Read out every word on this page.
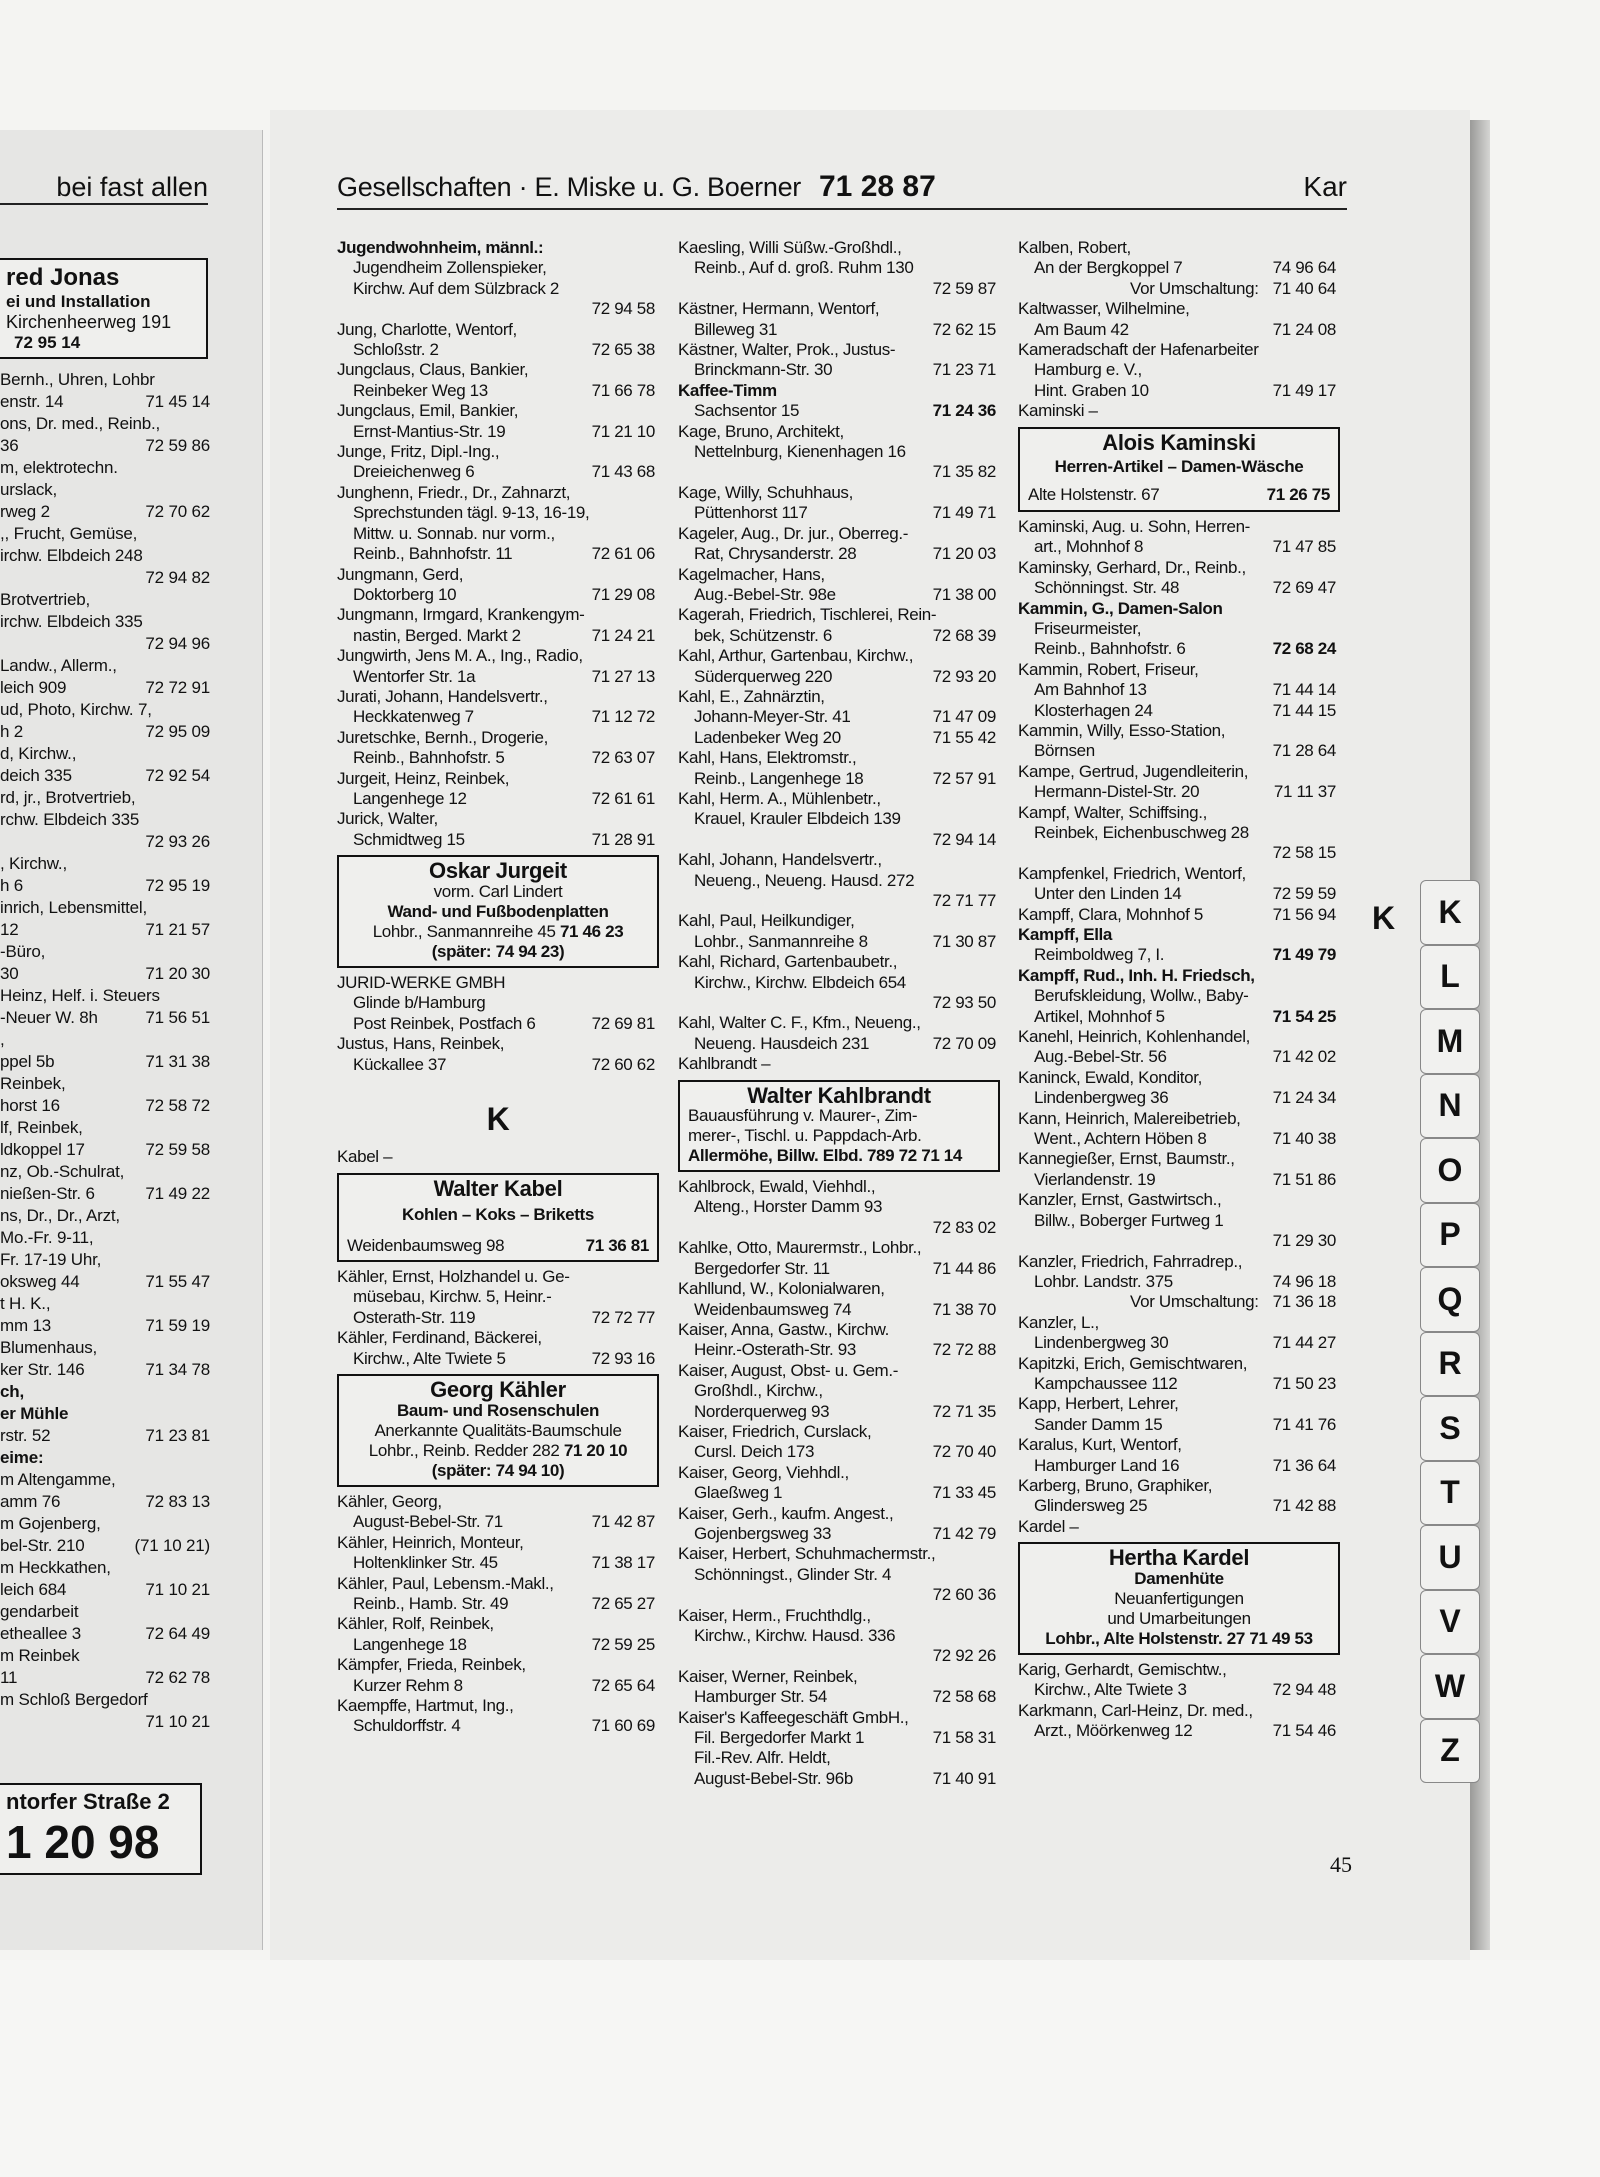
red Jonas
ei und Installation
Kirchenheerweg 191
72 95 14
Bernh., Uhren, Lohbr
enstr. 14	71 45 14
ons, Dr. med., Reinb.,
36	72 59 86
m, elektrotechn.
urslack,
rweg 2	72 70 62
,, Frucht, Gemüse,
irchw. Elbdeich 248
72 94 82
Brotvertrieb,
irchw. Elbdeich 335
72 94 96
Landw., Allerm.,
leich 909	72 72 91
ud, Photo, Kirchw. 7,
h 2	72 95 09
d, Kirchw.,
deich 335	72 92 54
rd, jr., Brotvertrieb,
rchw. Elbdeich 335
72 93 26
, Kirchw.,
h 6	72 95 19
inrich, Lebensmittel,
12	71 21 57
-Büro,
30	71 20 30
Heinz, Helf. i. Steuers
-Neuer W. 8h	71 56 51
,
ppel 5b	71 31 38
Reinbek,
horst 16	72 58 72
lf, Reinbek,
ldkoppel 17	72 59 58
nz, Ob.-Schulrat,
nießen-Str. 6	71 49 22
ns, Dr., Dr., Arzt,
Mo.-Fr. 9-11,
Fr. 17-19 Uhr,
oksweg 44	71 55 47
t H. K.,
mm 13	71 59 19
Blumenhaus,
ker Str. 146	71 34 78
ch,
er Mühle
rstr. 52	71 23 81
eime:
m Altengamme,
amm 76	72 83 13
m Gojenberg,
bel-Str. 210	(71 10 21)
m Heckkathen,
leich 684	71 10 21
gendarbeit
etheallee 3	72 64 49
m Reinbek
11	72 62 78
m Schloß Bergedorf
71 10 21
ntorfer Straße 2
1 20 98
bei fast allen	Gesellschaften · E. Miske u. G. Boerner 71 28 87	Kar
Jugendwohnheim, männl.:
Jugendheim Zollenspieker,
Kirchw. Auf dem Sülzbrack 2
72 94 58
Jung, Charlotte, Wentorf,
Schloßstr. 2	72 65 38
Jungclaus, Claus, Bankier,
Reinbeker Weg 13	71 66 78
Jungclaus, Emil, Bankier,
Ernst-Mantius-Str. 19	71 21 10
Junge, Fritz, Dipl.-Ing.,
Dreieichenweg 6	71 43 68
Junghenn, Friedr., Dr., Zahnarzt,
Sprechstunden tägl. 9-13, 16-19,
Mittw. u. Sonnab. nur vorm.,
Reinb., Bahnhofstr. 11	72 61 06
Jungmann, Gerd,
Doktorberg 10	71 29 08
Jungmann, Irmgard, Krankengym-
nastin, Berged. Markt 2	71 24 21
Jungwirth, Jens M. A., Ing., Radio,
Wentorfer Str. 1a	71 27 13
Jurati, Johann, Handelsvertr.,
Heckkatenweg 7	71 12 72
Juretschke, Bernh., Drogerie,
Reinb., Bahnhofstr. 5	72 63 07
Jurgeit, Heinz, Reinbek,
Langenhege 12	72 61 61
Jurick, Walter,
Schmidtweg 15	71 28 91
Oskar Jurgeit
vorm. Carl Lindert
Wand- und Fußbodenplatten
Lohbr., Sanmannreihe 45 71 46 23
(später: 74 94 23)
JURID-WERKE GMBH
Glinde b/Hamburg
Post Reinbek, Postfach 6	72 69 81
Justus, Hans, Reinbek,
Kückallee 37	72 60 62
K
Kabel –
Walter Kabel
Kohlen – Koks – Briketts
Weidenbaumsweg 98	71 36 81
Kähler, Ernst, Holzhandel u. Ge-
müsebau, Kirchw. 5, Heinr.-
Osterath-Str. 119	72 72 77
Kähler, Ferdinand, Bäckerei,
Kirchw., Alte Twiete 5	72 93 16
Georg Kähler
Baum- und Rosenschulen
Anerkannte Qualitäts-Baumschule
Lohbr., Reinb. Redder 282 71 20 10
(später: 74 94 10)
Kähler, Georg,
August-Bebel-Str. 71	71 42 87
Kähler, Heinrich, Monteur,
Holtenklinker Str. 45	71 38 17
Kähler, Paul, Lebensm.-Makl.,
Reinb., Hamb. Str. 49	72 65 27
Kähler, Rolf, Reinbek,
Langenhege 18	72 59 25
Kämpfer, Frieda, Reinbek,
Kurzer Rehm 8	72 65 64
Kaempffe, Hartmut, Ing.,
Schuldorffstr. 4	71 60 69
Kaesling, Willi Süßw.-Großhdl.,
Reinb., Auf d. groß. Ruhm 130
72 59 87
Kästner, Hermann, Wentorf,
Billeweg 31	72 62 15
Kästner, Walter, Prok., Justus-
Brinckmann-Str. 30	71 23 71
Kaffee-Timm
Sachsentor 15	71 24 36
Kage, Bruno, Architekt,
Nettelnburg, Kienenhagen 16
71 35 82
Kage, Willy, Schuhhaus,
Püttenhorst 117	71 49 71
Kageler, Aug., Dr. jur., Oberreg.-
Rat, Chrysanderstr. 28	71 20 03
Kagelmacher, Hans,
Aug.-Bebel-Str. 98e	71 38 00
Kagerah, Friedrich, Tischlerei, Rein-
bek, Schützenstr. 6	72 68 39
Kahl, Arthur, Gartenbau, Kirchw.,
Süderquerweg 220	72 93 20
Kahl, E., Zahnärztin,
Johann-Meyer-Str. 41	71 47 09
Ladenbeker Weg 20	71 55 42
Kahl, Hans, Elektromstr.,
Reinb., Langenhege 18	72 57 91
Kahl, Herm. A., Mühlenbetr.,
Krauel, Krauler Elbdeich 139
72 94 14
Kahl, Johann, Handelsvertr.,
Neueng., Neueng. Hausd. 272
72 71 77
Kahl, Paul, Heilkundiger,
Lohbr., Sanmannreihe 8	71 30 87
Kahl, Richard, Gartenbaubetr.,
Kirchw., Kirchw. Elbdeich 654
72 93 50
Kahl, Walter C. F., Kfm., Neueng.,
Neueng. Hausdeich 231	72 70 09
Kahlbrandt –
Walter Kahlbrandt
Bauausführung v. Maurer-, Zim-
merer-, Tischl. u. Pappdach-Arb.
Allermöhe, Billw. Elbd. 789 72 71 14
Kahlbrock, Ewald, Viehhdl.,
Alteng., Horster Damm 93
72 83 02
Kahlke, Otto, Maurermstr., Lohbr.,
Bergedorfer Str. 11	71 44 86
Kahllund, W., Kolonialwaren,
Weidenbaumsweg 74	71 38 70
Kaiser, Anna, Gastw., Kirchw.
Heinr.-Osterath-Str. 93	72 72 88
Kaiser, August, Obst- u. Gem.-
Großhdl., Kirchw.,
Norderquerweg 93	72 71 35
Kaiser, Friedrich, Curslack,
Cursl. Deich 173	72 70 40
Kaiser, Georg, Viehhdl.,
Glaeßweg 1	71 33 45
Kaiser, Gerh., kaufm. Angest.,
Gojenbergsweg 33	71 42 79
Kaiser, Herbert, Schuhmachermstr.,
Schönningst., Glinder Str. 4
72 60 36
Kaiser, Herm., Fruchthdlg.,
Kirchw., Kirchw. Hausd. 336
72 92 26
Kaiser, Werner, Reinbek,
Hamburger Str. 54	72 58 68
Kaiser's Kaffeegeschäft GmbH.,
Fil. Bergedorfer Markt 1	71 58 31
Fil.-Rev. Alfr. Heldt,
August-Bebel-Str. 96b	71 40 91
Kalben, Robert,
An der Bergkoppel 7	74 96 64
Vor Umschaltung: 71 40 64
Kaltwasser, Wilhelmine,
Am Baum 42	71 24 08
Kameradschaft der Hafenarbeiter
Hamburg e. V.,
Hint. Graben 10	71 49 17
Kaminski –
Alois Kaminski
Herren-Artikel – Damen-Wäsche
Alte Holstenstr. 67	71 26 75
Kaminski, Aug. u. Sohn, Herren-
art., Mohnhof 8	71 47 85
Kaminsky, Gerhard, Dr., Reinb.,
Schönningst. Str. 48	72 69 47
Kammin, G., Damen-Salon
Friseurmeister,
Reinb., Bahnhofstr. 6	72 68 24
Kammin, Robert, Friseur,
Am Bahnhof 13	71 44 14
Klosterhagen 24	71 44 15
Kammin, Willy, Esso-Station,
Börnsen	71 28 64
Kampe, Gertrud, Jugendleiterin,
Hermann-Distel-Str. 20	71 11 37
Kampf, Walter, Schiffsing.,
Reinbek, Eichenbuschweg 28
72 58 15
Kampfenkel, Friedrich, Wentorf,
Unter den Linden 14	72 59 59
Kampff, Clara, Mohnhof 5	71 56 94
Kampff, Ella
Reimboldweg 7, I.	71 49 79
Kampff, Rud., Inh. H. Friedsch,
Berufskleidung, Wollw., Baby-
Artikel, Mohnhof 5	71 54 25
Kanehl, Heinrich, Kohlenhandel,
Aug.-Bebel-Str. 56	71 42 02
Kaninck, Ewald, Konditor,
Lindenbergweg 36	71 24 34
Kann, Heinrich, Malereibetrieb,
Went., Achtern Höben 8	71 40 38
Kannegießer, Ernst, Baumstr.,
Vierlandenstr. 19	71 51 86
Kanzler, Ernst, Gastwirtsch.,
Billw., Boberger Furtweg 1
71 29 30
Kanzler, Friedrich, Fahrradrep.,
Lohbr. Landstr. 375	74 96 18
Vor Umschaltung: 71 36 18
Kanzler, L.,
Lindenbergweg 30	71 44 27
Kapitzki, Erich, Gemischtwaren,
Kampchaussee 112	71 50 23
Kapp, Herbert, Lehrer,
Sander Damm 15	71 41 76
Karalus, Kurt, Wentorf,
Hamburger Land 16	71 36 64
Karberg, Bruno, Graphiker,
Glindersweg 25	71 42 88
Kardel –
Hertha Kardel
Damenhüte
Neuanfertigungen
und Umarbeitungen
Lohbr., Alte Holstenstr. 27 71 49 53
Karig, Gerhardt, Gemischtw.,
Kirchw., Alte Twiete 3	72 94 48
Karkmann, Carl-Heinz, Dr. med.,
Arzt., Möörkenweg 12	71 54 46
45
K	K
L
M
N
O
P
Q
R
S
T
U
V
W
Z
